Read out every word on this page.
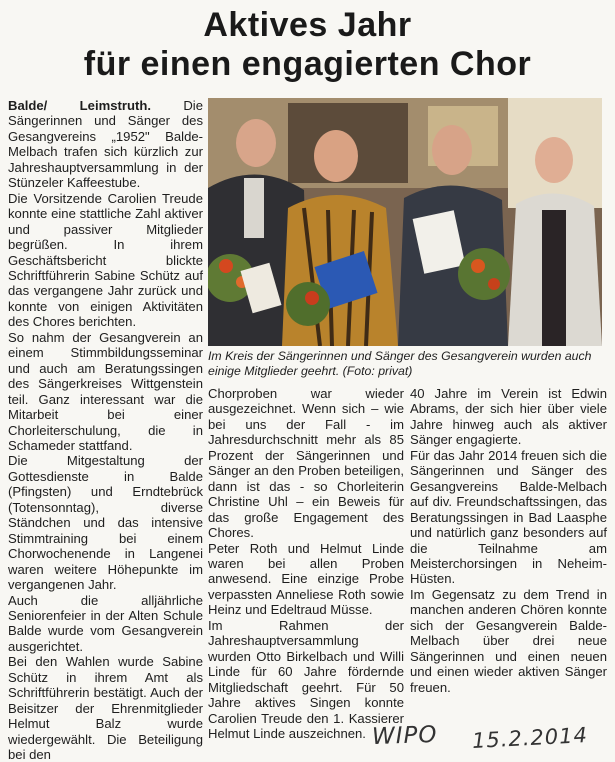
Aktives Jahr
für einen engagierten Chor

Balde/ Leimstruth. Die Sängerinnen und Sänger des Gesangvereins „1952" Balde-Melbach trafen sich kürzlich zur Jahreshauptversammlung in der Stünzeler Kaffeestube.

Die Vorsitzende Carolien Treude konnte eine stattliche Zahl aktiver und passiver Mitglieder begrüßen. In ihrem Geschäftsbericht blickte Schriftführerin Sabine Schütz auf das vergangene Jahr zurück und konnte von einigen Aktivitäten des Chores berichten.

So nahm der Gesangverein an einem Stimmbildungsseminar und auch am Beratungssingen des Sängerkreises Wittgenstein teil. Ganz interessant war die Mitarbeit bei einer Chorleiterschulung, die in Schameder stattfand.

Die Mitgestaltung der Gottesdienste in Balde (Pfingsten) und Erndtebrück (Totensonntag), diverse Ständchen und das intensive Stimmtraining bei einem Chorwochenende in Langenei waren weitere Höhepunkte im vergangenen Jahr.

Auch die alljährliche Seniorenfeier in der Alten Schule Balde wurde vom Gesangverein ausgerichtet.

Bei den Wahlen wurde Sabine Schütz in ihrem Amt als Schriftführerin bestätigt. Auch der Beisitzer der Ehrenmitglieder Helmut Balz wurde wiedergewählt. Die Beteiligung bei den

Im Kreis der Sängerinnen und Sänger des Gesangverein wurden auch einige Mitglieder geehrt. (Foto: privat)

Chorproben war wieder ausgezeichnet. Wenn sich – wie bei uns der Fall - im Jahresdurchschnitt mehr als 85 Prozent der Sängerinnen und Sänger an den Proben beteiligen, dann ist das - so Chorleiterin Christine Uhl – ein Beweis für das große Engagement des Chores.

Peter Roth und Helmut Linde waren bei allen Proben anwesend. Eine einzige Probe verpassten Anneliese Roth sowie Heinz und Edeltraud Müsse.

Im Rahmen der Jahreshauptversammlung wurden Otto Birkelbach und Willi Linde für 60 Jahre fördernde Mitgliedschaft geehrt. Für 50 Jahre aktives Singen konnte Carolien Treude den 1. Kassierer Helmut Linde auszeichnen.

40 Jahre im Verein ist Edwin Abrams, der sich hier über viele Jahre hinweg auch als aktiver Sänger engagierte.

Für das Jahr 2014 freuen sich die Sängerinnen und Sänger des Gesangvereins Balde-Melbach auf div. Freundschaftssingen, das Beratungssingen in Bad Laasphe und natürlich ganz besonders auf die Teilnahme am Meisterchorsingen in Neheim-Hüsten.

Im Gegensatz zu dem Trend in manchen anderen Chören konnte sich der Gesangverein Balde-Melbach über drei neue Sängerinnen und einen neuen und einen wieder aktiven Sänger freuen.

WIPO 15.2.2014
